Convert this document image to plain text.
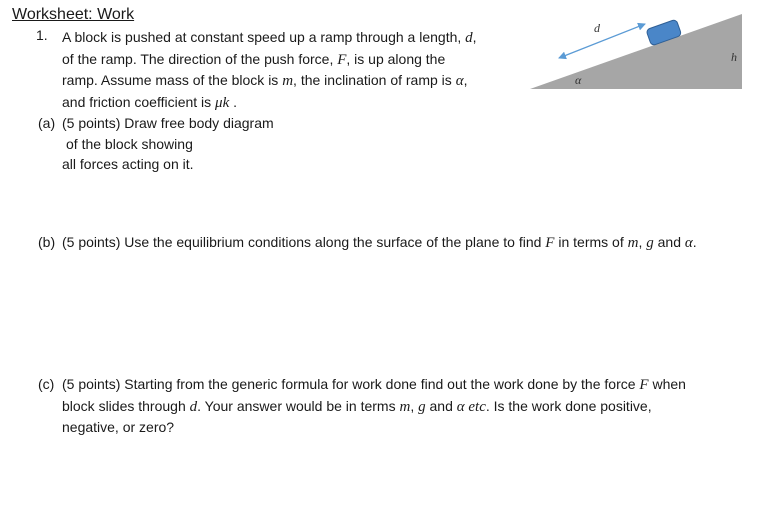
Worksheet: Work
1. A block is pushed at constant speed up a ramp through a length, d,
of the ramp. The direction of the push force, F, is up along the
ramp. Assume mass of the block is m, the inclination of ramp is α,
and friction coefficient is μk .
(a) (5 points) Draw free body diagram
of the block showing
all forces acting on it.
(b) (5 points) Use the equilibrium conditions along the surface of the plane to find F in terms of m, g and α.
(c) (5 points) Starting from the generic formula for work done find out the work done by the force F when
block slides through d. Your answer would be in terms m, g and α etc. Is the work done positive,
negative, or zero?
d
h
α
